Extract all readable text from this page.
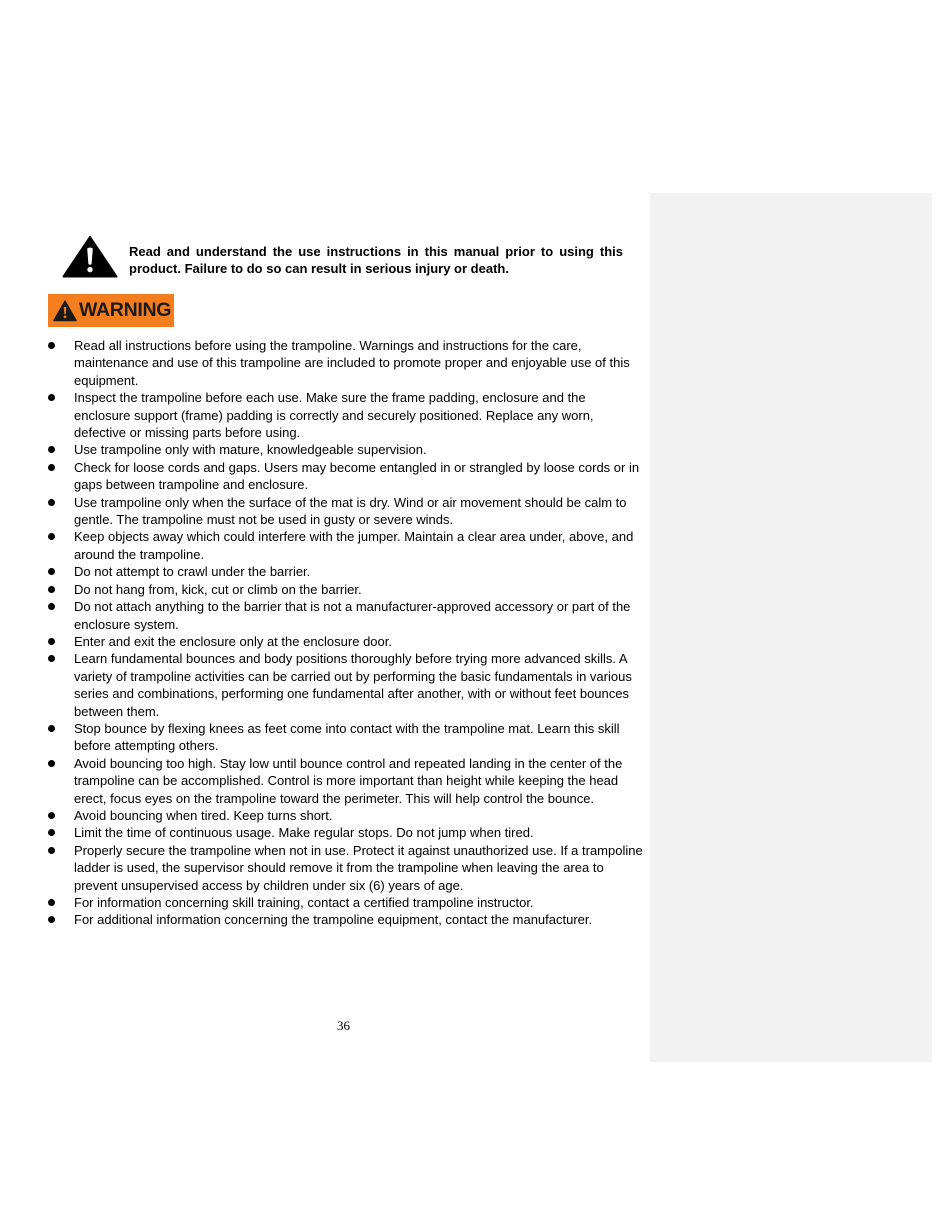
Read and understand the use instructions in this manual prior to using this product. Failure to do so can result in serious injury or death.
WARNING
Read all instructions before using the trampoline. Warnings and instructions for the care, maintenance and use of this trampoline are included to promote proper and enjoyable use of this equipment.
Inspect the trampoline before each use. Make sure the frame padding, enclosure and the enclosure support (frame) padding is correctly and securely positioned. Replace any worn, defective or missing parts before using.
Use trampoline only with mature, knowledgeable supervision.
Check for loose cords and gaps. Users may become entangled in or strangled by loose cords or in gaps between trampoline and enclosure.
Use trampoline only when the surface of the mat is dry. Wind or air movement should be calm to gentle. The trampoline must not be used in gusty or severe winds.
Keep objects away which could interfere with the jumper. Maintain a clear area under, above, and around the trampoline.
Do not attempt to crawl under the barrier.
Do not hang from, kick, cut or climb on the barrier.
Do not attach anything to the barrier that is not a manufacturer-approved accessory or part of the enclosure system.
Enter and exit the enclosure only at the enclosure door.
Learn fundamental bounces and body positions thoroughly before trying more advanced skills. A variety of trampoline activities can be carried out by performing the basic fundamentals in various series and combinations, performing one fundamental after another, with or without feet bounces between them.
Stop bounce by flexing knees as feet come into contact with the trampoline mat. Learn this skill before attempting others.
Avoid bouncing too high. Stay low until bounce control and repeated landing in the center of the trampoline can be accomplished. Control is more important than height while keeping the head erect, focus eyes on the trampoline toward the perimeter. This will help control the bounce.
Avoid bouncing when tired. Keep turns short.
Limit the time of continuous usage. Make regular stops. Do not jump when tired.
Properly secure the trampoline when not in use. Protect it against unauthorized use. If a trampoline ladder is used, the supervisor should remove it from the trampoline when leaving the area to prevent unsupervised access by children under six (6) years of age.
For information concerning skill training, contact a certified trampoline instructor.
For additional information concerning the trampoline equipment, contact the manufacturer.
36
